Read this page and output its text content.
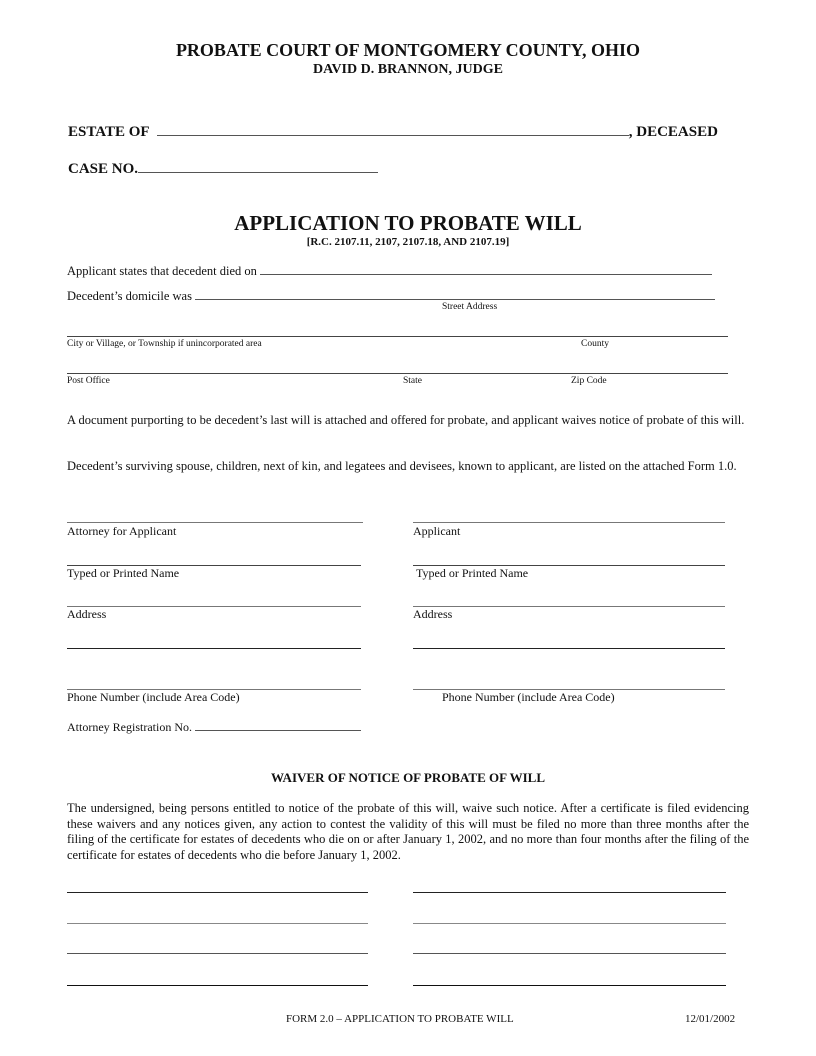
PROBATE COURT OF MONTGOMERY COUNTY, OHIO
DAVID D. BRANNON, JUDGE
ESTATE OF	, DECEASED
CASE NO.
APPLICATION TO PROBATE WILL
[R.C. 2107.11, 2107, 2107.18, AND 2107.19]
Applicant states that decedent died on
Decedent’s domicile was
Street Address
City or Village, or Township if unincorporated area	County
Post Office	State	Zip Code
A document purporting to be decedent’s last will is attached and offered for probate, and applicant waives notice of probate of this will.
Decedent’s surviving spouse, children, next of kin, and legatees and devisees, known to applicant, are listed on the attached Form 1.0.
Attorney for Applicant
Typed or Printed Name
Address
Phone Number (include Area Code)
Attorney Registration No.
Applicant
Typed or Printed Name
Address
Phone Number (include Area Code)
WAIVER OF NOTICE OF PROBATE OF WILL
The undersigned, being persons entitled to notice of the probate of this will, waive such notice. After a certificate is filed evidencing these waivers and any notices given, any action to contest the validity of this will must be filed no more than three months after the filing of the certificate for estates of decedents who die on or after January 1, 2002, and no more than four months after the filing of the certificate for estates of decedents who die before January 1, 2002.
FORM 2.0 – APPLICATION TO PROBATE WILL	12/01/2002
